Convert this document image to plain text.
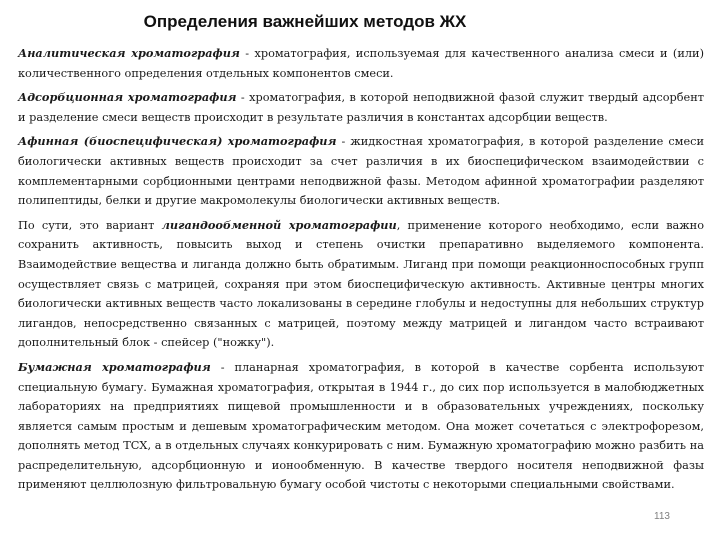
Определения важнейших методов ЖХ

Аналитическая хроматография - хроматография, используемая для качественного анализа смеси и (или) количественного определения отдельных компонентов смеси.

Адсорбционная хроматография - хроматография, в которой неподвижной фазой служит твердый адсорбент и разделение смеси веществ происходит в результате различия в константах адсорбции веществ.

Афинная (биоспецифическая) хроматография - жидкостная хроматография, в которой разделение смеси биологически активных веществ происходит за счет различия в их биоспецифическом взаимодействии с комплементарными сорбционными центрами неподвижной фазы. Методом афинной хроматографии разделяют полипептиды, белки и другие макромолекулы биологически активных веществ.

По сути, это вариант лигандообменной хроматографии, применение которого необходимо, если важно сохранить активность, повысить выход и степень очистки препаративно выделяемого компонента. Взаимодействие вещества и лиганда должно быть обратимым. Лиганд при помощи реакционноспособных групп осуществляет связь с матрицей, сохраняя при этом биоспецифическую активность. Активные центры многих биологически активных веществ часто локализованы в середине глобулы и недоступны для небольших структур лигандов, непосредственно связанных с матрицей, поэтому между матрицей и лигандом часто встраивают дополнительный блок - спейсер ("ножку").

Бумажная хроматография - планарная хроматография, в которой в качестве сорбента используют специальную бумагу. Бумажная хроматография, открытая в 1944 г., до сих пор используется в малобюджетных лабораториях на предприятиях пищевой промышленности и в образовательных учреждениях, поскольку является самым простым и дешевым хроматографическим методом. Она может сочетаться с электрофорезом, дополнять метод ТСХ, а в отдельных случаях конкурировать с ним. Бумажную хроматографию можно разбить на распределительную, адсорбционную и ионообменную. В качестве твердого носителя неподвижной фазы применяют целлюлозную фильтровальную бумагу особой чистоты с некоторыми специальными свойствами.

113
